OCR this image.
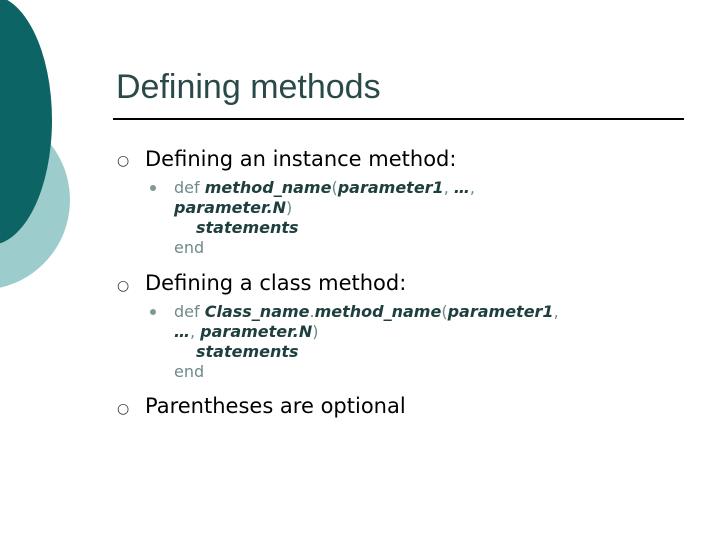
Defining methods
○ Defining an instance method:
def method_name(parameter1, …,
parameter.N)
statements
end
○ Defining a class method:
def Class_name.method_name(parameter1,
…, parameter.N)
statements
end
○ Parentheses are optional
